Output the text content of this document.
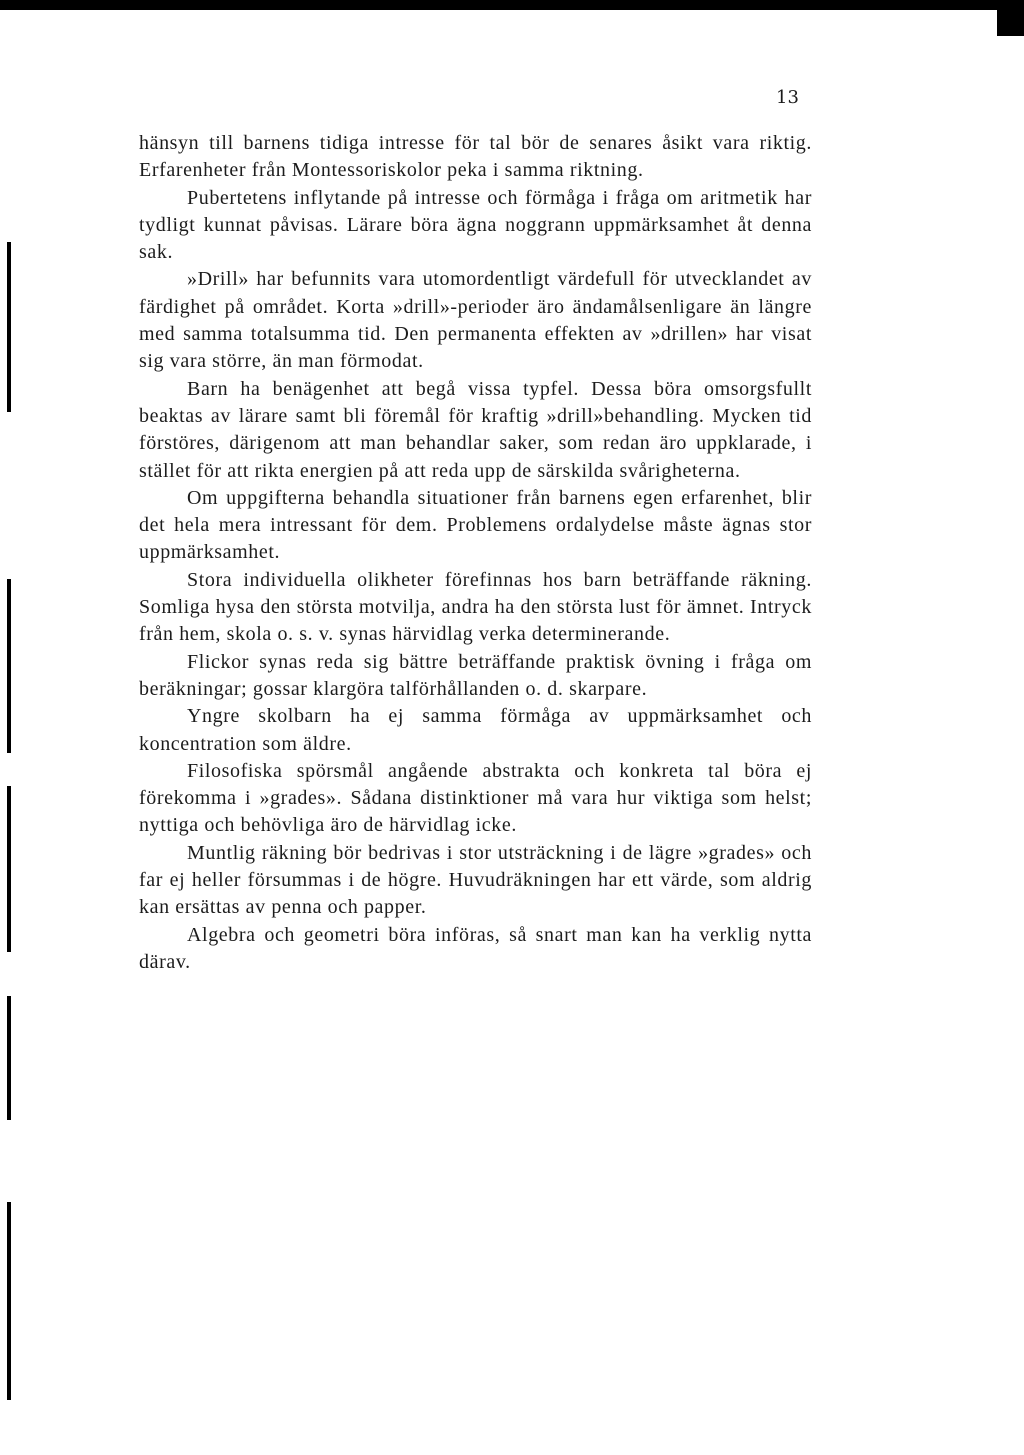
13

hänsyn till barnens tidiga intresse för tal bör de senares åsikt vara riktig. Erfarenheter från Montessoriskolor peka i samma riktning.

Pubertetens inflytande på intresse och förmåga i fråga om aritmetik har tydligt kunnat påvisas. Lärare böra ägna noggrann uppmärksamhet åt denna sak.

»Drill» har befunnits vara utomordentligt värdefull för utvecklandet av färdighet på området. Korta »drill»-perioder äro ändamålsenligare än längre med samma totalsumma tid. Den permanenta effekten av »drillen» har visat sig vara större, än man förmodat.

Barn ha benägenhet att begå vissa typfel. Dessa böra omsorgsfullt beaktas av lärare samt bli föremål för kraftig »drill»behandling. Mycken tid förstöres, därigenom att man behandlar saker, som redan äro uppklarade, i stället för att rikta energien på att reda upp de särskilda svårigheterna.

Om uppgifterna behandla situationer från barnens egen erfarenhet, blir det hela mera intressant för dem. Problemens ordalydelse måste ägnas stor uppmärksamhet.

Stora individuella olikheter förefinnas hos barn beträffande räkning. Somliga hysa den största motvilja, andra ha den största lust för ämnet. Intryck från hem, skola o. s. v. synas härvidlag verka determinerande.

Flickor synas reda sig bättre beträffande praktisk övning i fråga om beräkningar; gossar klargöra talförhållanden o. d. skarpare.

Yngre skolbarn ha ej samma förmåga av uppmärksamhet och koncentration som äldre.

Filosofiska spörsmål angående abstrakta och konkreta tal böra ej förekomma i »grades». Sådana distinktioner må vara hur viktiga som helst; nyttiga och behövliga äro de härvidlag icke.

Muntlig räkning bör bedrivas i stor utsträckning i de lägre »grades» och far ej heller försummas i de högre. Huvudräkningen har ett värde, som aldrig kan ersättas av penna och papper.

Algebra och geometri böra införas, så snart man kan ha verklig nytta därav.
